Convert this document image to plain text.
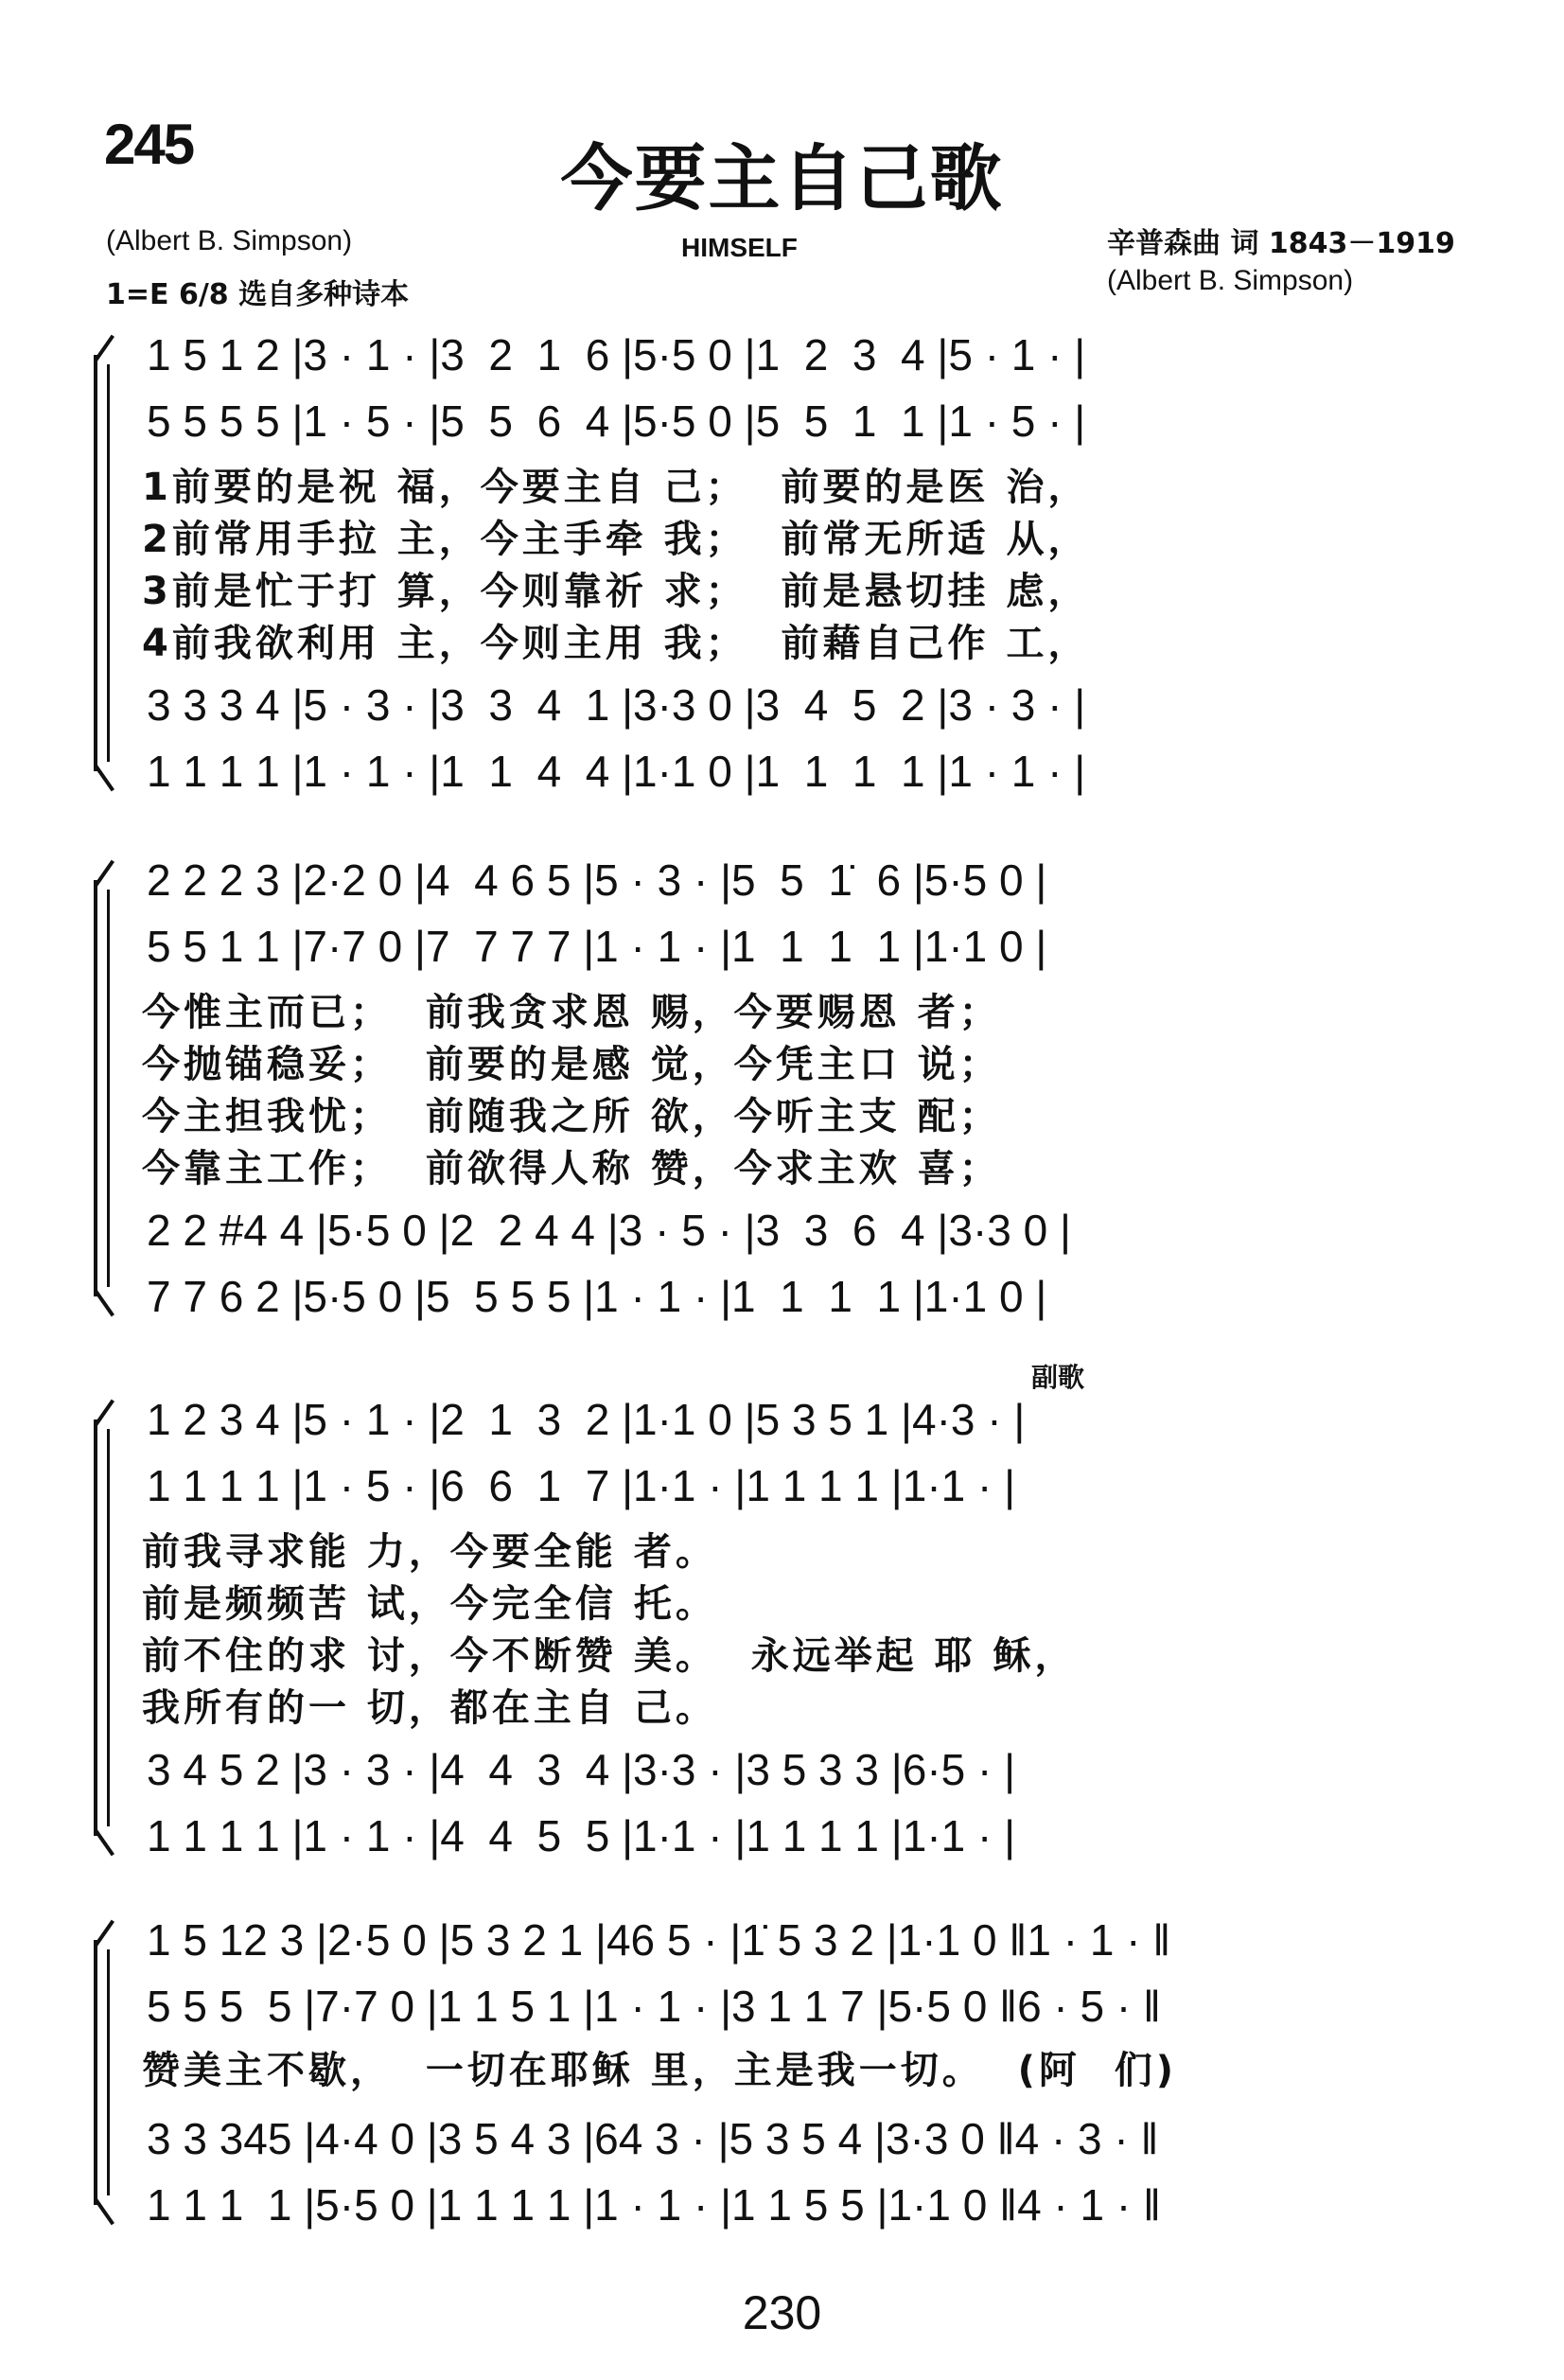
245	今要主自己歌
(Albert B. Simpson)	HIMSELF	辛普森曲 词 1843－1919
(Albert B. Simpson)
1=E 6/8 选自多种诗本
1 5 1 2 |3 · 1 · |3  2  1  6 |5·5 0 |1  2  3  4 |5 · 1 · |
5 5 5 5 |1 · 5 · |5  5  6  4 |5·5 0 |5  5  1  1 |1 · 5 · |
1前要的是祝 福，今要主自 己；  前要的是医 治，
2前常用手拉 主，今主手牵 我；  前常无所适 从，
3前是忙于打 算，今则靠祈 求；  前是悬切挂 虑，
4前我欲利用 主，今则主用 我；  前藉自己作 工，
3 3 3 4 |5 · 3 · |3  3  4  1 |3·3 0 |3  4  5  2 |3 · 3 · |
1 1 1 1 |1 · 1 · |1  1  4  4 |1·1 0 |1  1  1  1 |1 · 1 · |
2 2 2 3 |2·2 0 |4  4 6 5 |5 · 3 · |5  5  1̇  6 |5·5 0 |
5 5 1 1 |7·7 0 |7  7 7 7 |1 · 1 · |1  1  1  1 |1·1 0 |
今惟主而已；  前我贪求恩 赐，今要赐恩 者；
今抛锚稳妥；  前要的是感 觉，今凭主口 说；
今主担我忧；  前随我之所 欲，今听主支 配；
今靠主工作；  前欲得人称 赞，今求主欢 喜；
2 2 #4 4 |5·5 0 |2  2 4 4 |3 · 5 · |3  3  6  4 |3·3 0 |
7 7 6 2 |5·5 0 |5  5 5 5 |1 · 1 · |1  1  1  1 |1·1 0 |
副歌
1 2 3 4 |5 · 1 · |2  1  3  2 |1·1 0 |5 3 5 1 |4·3 · |
1 1 1 1 |1 · 5 · |6  6  1  7 |1·1 · |1 1 1 1 |1·1 · |
前我寻求能 力，今要全能 者。
前是频频苦 试，今完全信 托。
前不住的求 讨，今不断赞 美。  永远举起 耶 稣，
我所有的一 切，都在主自 己。
3 4 5 2 |3 · 3 · |4  4  3  4 |3·3 · |3 5 3 3 |6·5 · |
1 1 1 1 |1 · 1 · |4  4  5  5 |1·1 · |1 1 1 1 |1·1 · |
1 5 12 3 |2·5 0 |5 3 2 1 |46 5 · |1̇ 5 3 2 |1·1 0 ‖1 · 1 · ‖
5 5 5  5 |7·7 0 |1 1 5 1 |1 · 1 · |3 1 1 7 |5·5 0 ‖6 · 5 · ‖
赞美主不歇，  一切在耶稣 里，主是我一切。  (阿  们)
3 3 345 |4·4 0 |3 5 4 3 |64 3 · |5 3 5 4 |3·3 0 ‖4 · 3 · ‖
1 1 1  1 |5·5 0 |1 1 1 1 |1 · 1 · |1 1 5 5 |1·1 0 ‖4 · 1 · ‖
230
